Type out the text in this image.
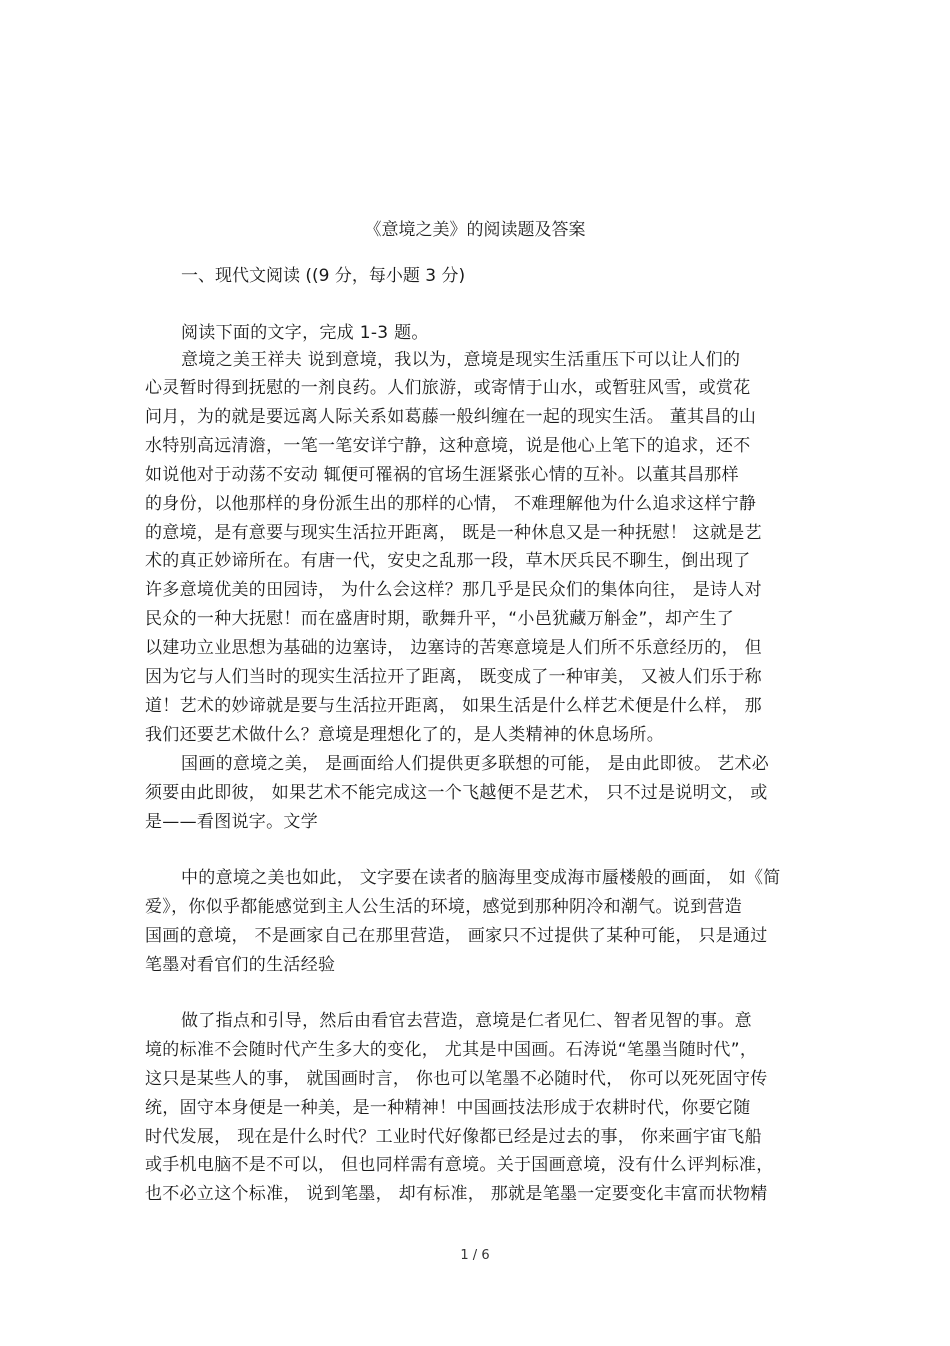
《意境之美》的阅读题及答案
一、现代文阅读 ((9 分，每小题 3 分)
阅读下面的文字，完成 1-3 题。
意境之美王祥夫 说到意境，我以为，意境是现实生活重压下可以让人们的
心灵暂时得到抚慰的一剂良药。人们旅游，或寄情于山水，或暂驻风雪，或赏花
问月，为的就是要远离人际关系如葛藤一般纠缠在一起的现实生活。 董其昌的山
水特别高远清澹，一笔一笔安详宁静，这种意境，说是他心上笔下的追求，还不
如说他对于动荡不安动 辄便可罹祸的官场生涯紧张心情的互补。以董其昌那样
的身份，以他那样的身份派生出的那样的心情， 不难理解他为什么追求这样宁静
的意境，是有意要与现实生活拉开距离， 既是一种休息又是一种抚慰！ 这就是艺
术的真正妙谛所在。有唐一代，安史之乱那一段，草木厌兵民不聊生，倒出现了
许多意境优美的田园诗， 为什么会这样？那几乎是民众们的集体向往， 是诗人对
民众的一种大抚慰！而在盛唐时期，歌舞升平，“小邑犹藏万斛金”，却产生了
以建功立业思想为基础的边塞诗， 边塞诗的苦寒意境是人们所不乐意经历的， 但
因为它与人们当时的现实生活拉开了距离， 既变成了一种审美， 又被人们乐于称
道！艺术的妙谛就是要与生活拉开距离， 如果生活是什么样艺术便是什么样， 那
我们还要艺术做什么？意境是理想化了的，是人类精神的休息场所。
国画的意境之美， 是画面给人们提供更多联想的可能， 是由此即彼。 艺术必
须要由此即彼， 如果艺术不能完成这一个飞越便不是艺术， 只不过是说明文， 或
是——看图说字。文学
中的意境之美也如此， 文字要在读者的脑海里变成海市蜃楼般的画面， 如《简
爱》，你似乎都能感觉到主人公生活的环境，感觉到那种阴冷和潮气。说到营造
国画的意境， 不是画家自己在那里营造， 画家只不过提供了某种可能， 只是通过
笔墨对看官们的生活经验
做了指点和引导，然后由看官去营造，意境是仁者见仁、智者见智的事。意
境的标准不会随时代产生多大的变化， 尤其是中国画。石涛说“笔墨当随时代”，
这只是某些人的事， 就国画时言， 你也可以笔墨不必随时代， 你可以死死固守传
统，固守本身便是一种美，是一种精神！中国画技法形成于农耕时代，你要它随
时代发展， 现在是什么时代？工业时代好像都已经是过去的事， 你来画宇宙飞船
或手机电脑不是不可以， 但也同样需有意境。关于国画意境，没有什么评判标准，
也不必立这个标准， 说到笔墨， 却有标准， 那就是笔墨一定要变化丰富而状物精
1 / 6
